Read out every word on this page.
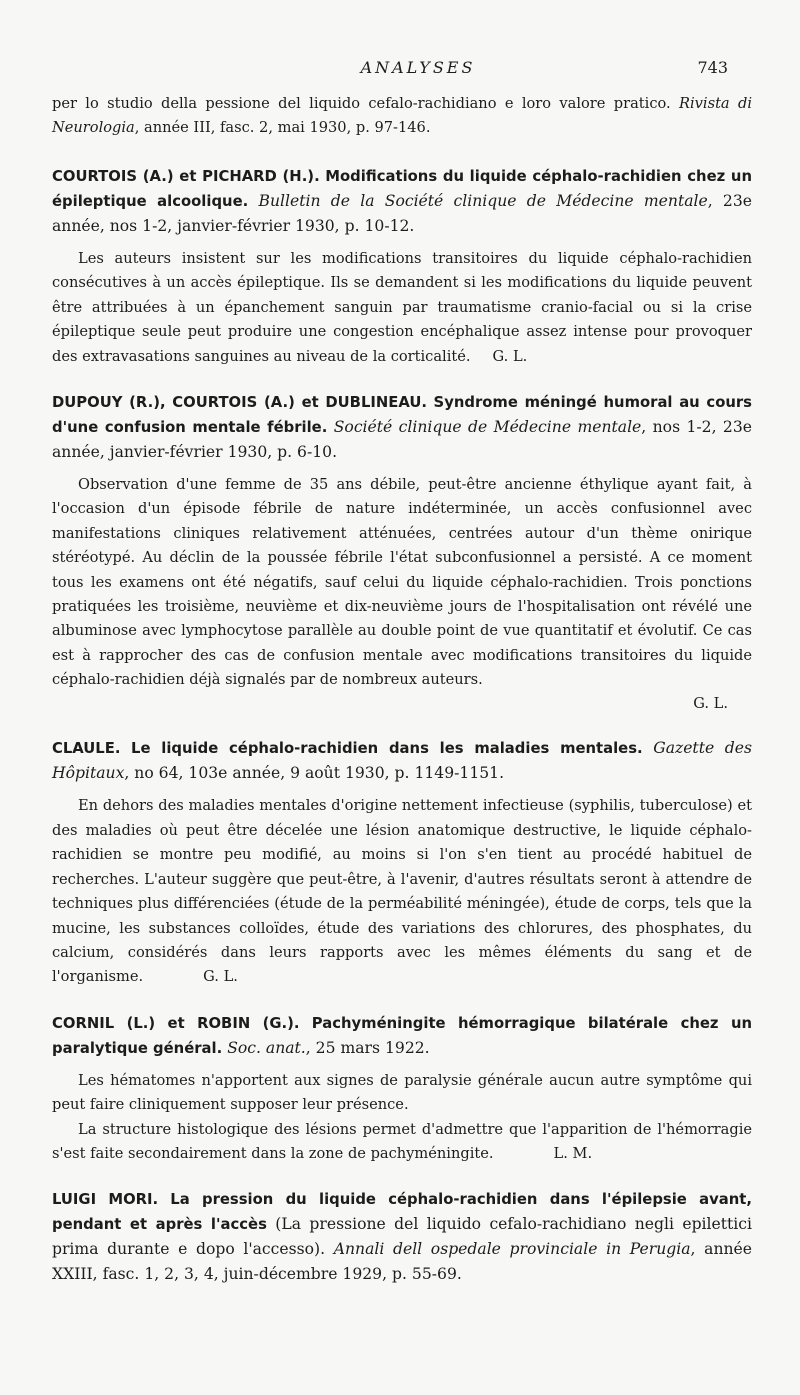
ANALYSES	743

per lo studio della pessione del liquido cefalo-rachidiano e loro valore pratico. Rivista di Neurologia, année III, fasc. 2, mai 1930, p. 97-146.

COURTOIS (A.) et PICHARD (H.). Modifications du liquide céphalo-rachidien chez un épileptique alcoolique. Bulletin de la Société clinique de Médecine mentale, 23e année, nos 1-2, janvier-février 1930, p. 10-12.

Les auteurs insistent sur les modifications transitoires du liquide céphalo-rachidien consécutives à un accès épileptique. Ils se demandent si les modifications du liquide peuvent être attribuées à un épanchement sanguin par traumatisme cranio-facial ou si la crise épileptique seule peut produire une congestion encéphalique assez intense pour provoquer des extravasations sanguines au niveau de la corticalité. G. L.

DUPOUY (R.), COURTOIS (A.) et DUBLINEAU. Syndrome méningé humoral au cours d'une confusion mentale fébrile. Société clinique de Médecine mentale, nos 1-2, 23e année, janvier-février 1930, p. 6-10.

Observation d'une femme de 35 ans débile, peut-être ancienne éthylique ayant fait, à l'occasion d'un épisode fébrile de nature indéterminée, un accès confusionnel avec manifestations cliniques relativement atténuées, centrées autour d'un thème onirique stéréotypé. Au déclin de la poussée fébrile l'état subconfusionnel a persisté. A ce moment tous les examens ont été négatifs, sauf celui du liquide céphalo-rachidien. Trois ponctions pratiquées les troisième, neuvième et dix-neuvième jours de l'hospitalisation ont révélé une albuminose avec lymphocytose parallèle au double point de vue quantitatif et évolutif. Ce cas est à rapprocher des cas de confusion mentale avec modifications transitoires du liquide céphalo-rachidien déjà signalés par de nombreux auteurs.

G. L.

CLAULE. Le liquide céphalo-rachidien dans les maladies mentales. Gazette des Hôpitaux, no 64, 103e année, 9 août 1930, p. 1149-1151.

En dehors des maladies mentales d'origine nettement infectieuse (syphilis, tuberculose) et des maladies où peut être décelée une lésion anatomique destructive, le liquide céphalo-rachidien se montre peu modifié, au moins si l'on s'en tient au procédé habituel de recherches. L'auteur suggère que peut-être, à l'avenir, d'autres résultats seront à attendre de techniques plus différenciées (étude de la perméabilité méningée), étude de corps, tels que la mucine, les substances colloïdes, étude des variations des chlorures, des phosphates, du calcium, considérés dans leurs rapports avec les mêmes éléments du sang et de l'organisme.	G. L.

CORNIL (L.) et ROBIN (G.). Pachyméningite hémorragique bilatérale chez un paralytique général. Soc. anat., 25 mars 1922.

Les hématomes n'apportent aux signes de paralysie générale aucun autre symptôme qui peut faire cliniquement supposer leur présence.

La structure histologique des lésions permet d'admettre que l'apparition de l'hémorragie s'est faite secondairement dans la zone de pachyméningite.	L. M.

LUIGI MORI. La pression du liquide céphalo-rachidien dans l'épilepsie avant, pendant et après l'accès (La pressione del liquido cefalo-rachidiano negli epilettici prima durante e dopo l'accesso). Annali dell ospedale provinciale in Perugia, année XXIII, fasc. 1, 2, 3, 4, juin-décembre 1929, p. 55-69.
